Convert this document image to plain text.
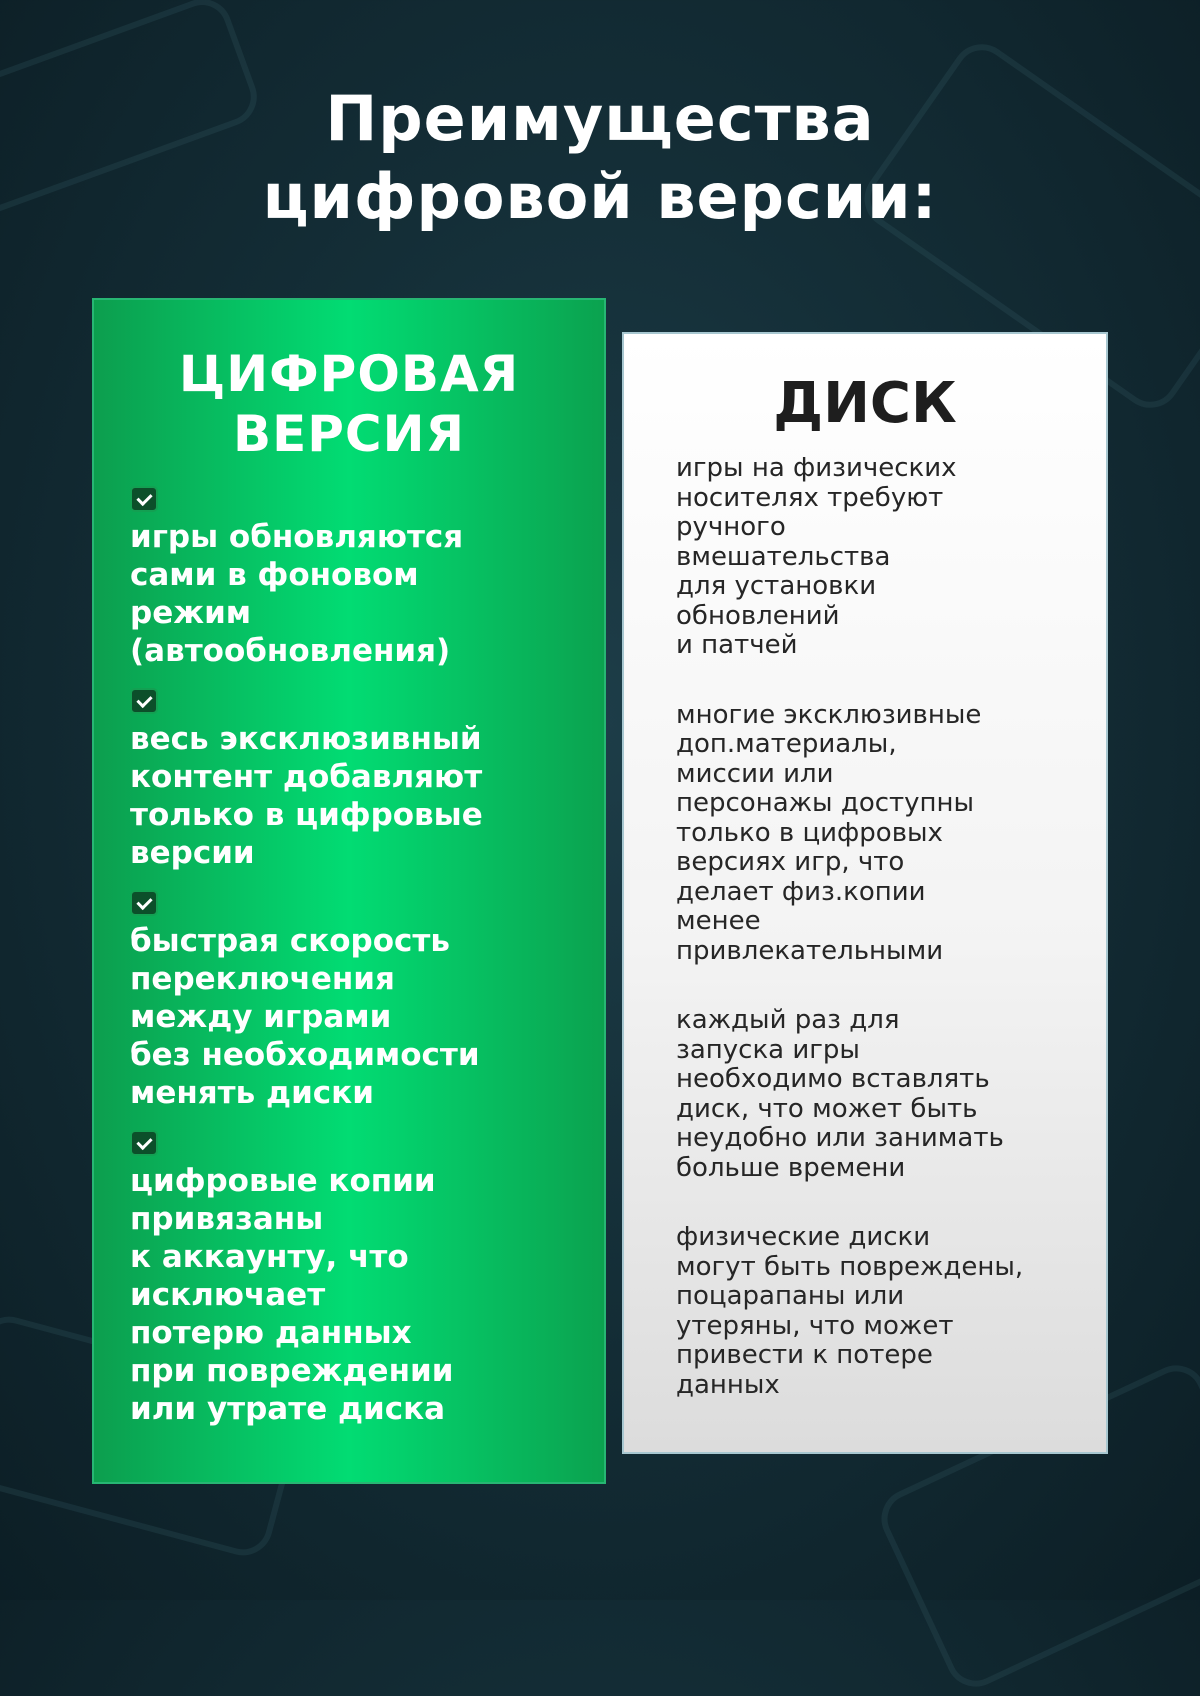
Преимущества
цифровой версии:
ЦИФРОВАЯ
ВЕРСИЯ
игры обновляются
сами в фоновом
режим
(автообновления)
весь эксклюзивный
контент добавляют
только в цифровые
версии
быстрая скорость
переключения
между играми
без необходимости
менять диски
цифровые копии
привязаны
к аккаунту, что
исключает
потерю данных
при повреждении
или утрате диска
ДИСК
игры на физических
носителях требуют
ручного
вмешательства
для установки
обновлений
и патчей
многие эксклюзивные
доп.материалы,
миссии или
персонажы доступны
только в цифровых
версиях игр, что
делает физ.копии
менее
привлекательными
каждый раз для
запуска игры
необходимо вставлять
диск, что может быть
неудобно или занимать
больше времени
физические диски
могут быть повреждены,
поцарапаны или
утеряны, что может
привести к потере
данных
